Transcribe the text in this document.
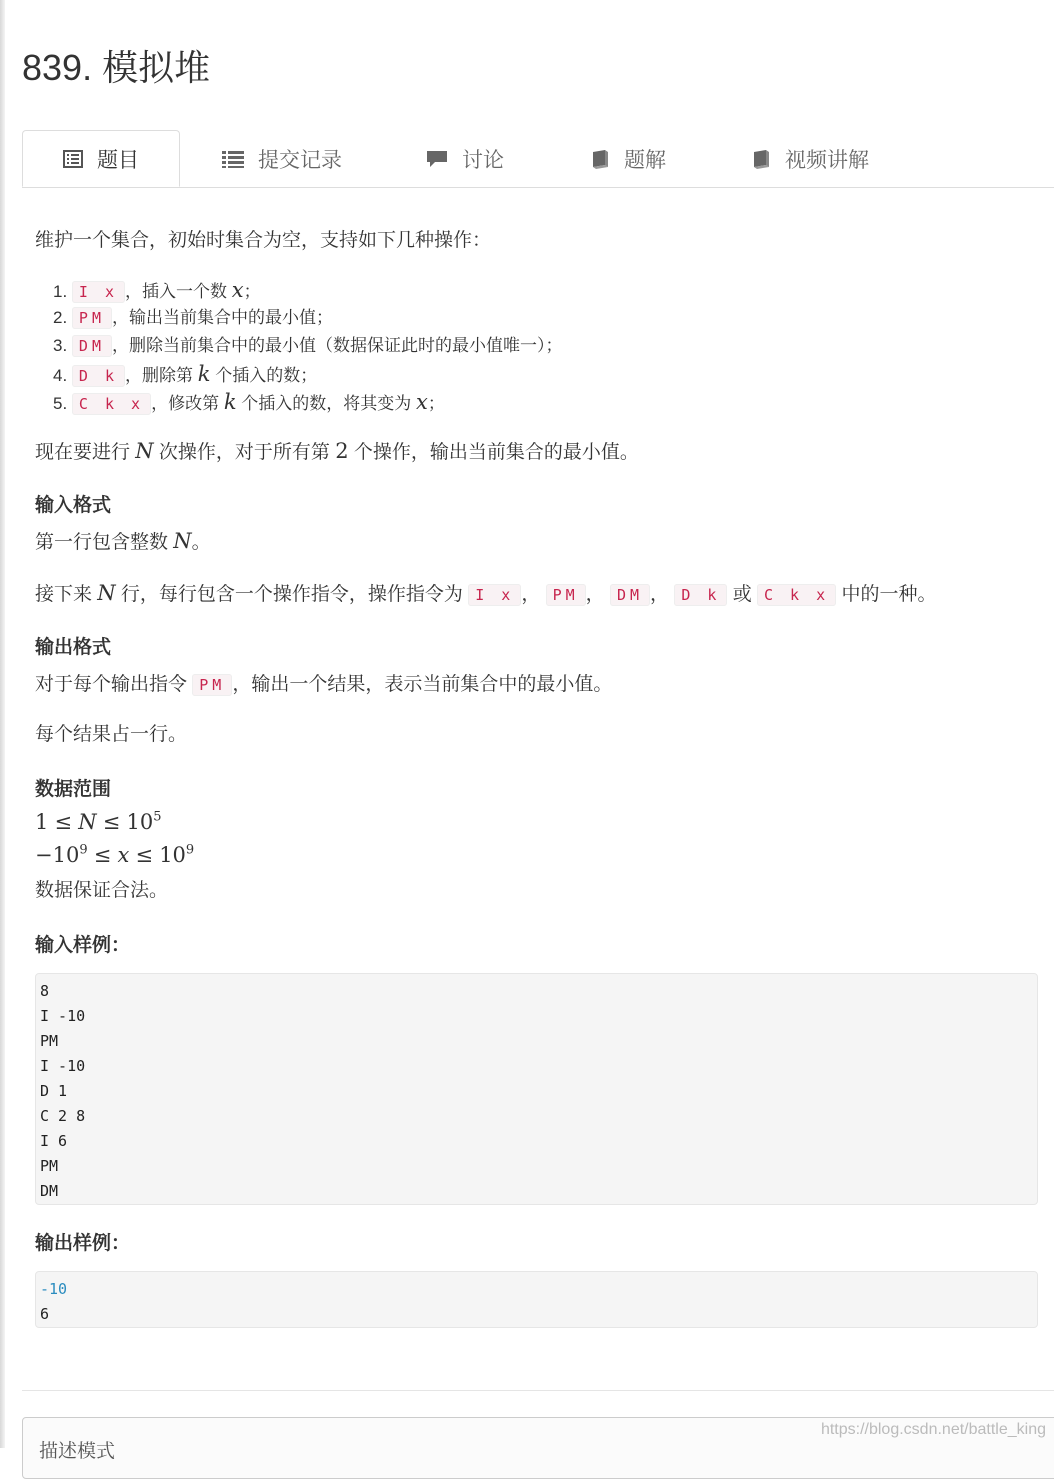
839. 模拟堆
题目	提交记录	讨论	题解	视频讲解

维护一个集合，初始时集合为空，支持如下几种操作：

1. I x ，插入一个数 x；
2. PM ，输出当前集合中的最小值；
3. DM ，删除当前集合中的最小值（数据保证此时的最小值唯一）；
4. D k ，删除第 k 个插入的数；
5. C k x ，修改第 k 个插入的数，将其变为 x；

现在要进行 N 次操作，对于所有第 2 个操作，输出当前集合的最小值。

输入格式

第一行包含整数 N。

接下来 N 行，每行包含一个操作指令，操作指令为 I x ， PM ， DM ， D k 或 C k x 中的一种。

输出格式

对于每个输出指令 PM ，输出一个结果，表示当前集合中的最小值。

每个结果占一行。

数据范围
$1 \le N \le 10^5$
$-10^9 \le x \le 10^9$

数据保证合法。

输入样例：
8
I -10
PM
I -10
D 1
C 2 8
I 6
PM
DM
输出样例：
-10
6
描述模式
https://blog.csdn.net/battle_king
